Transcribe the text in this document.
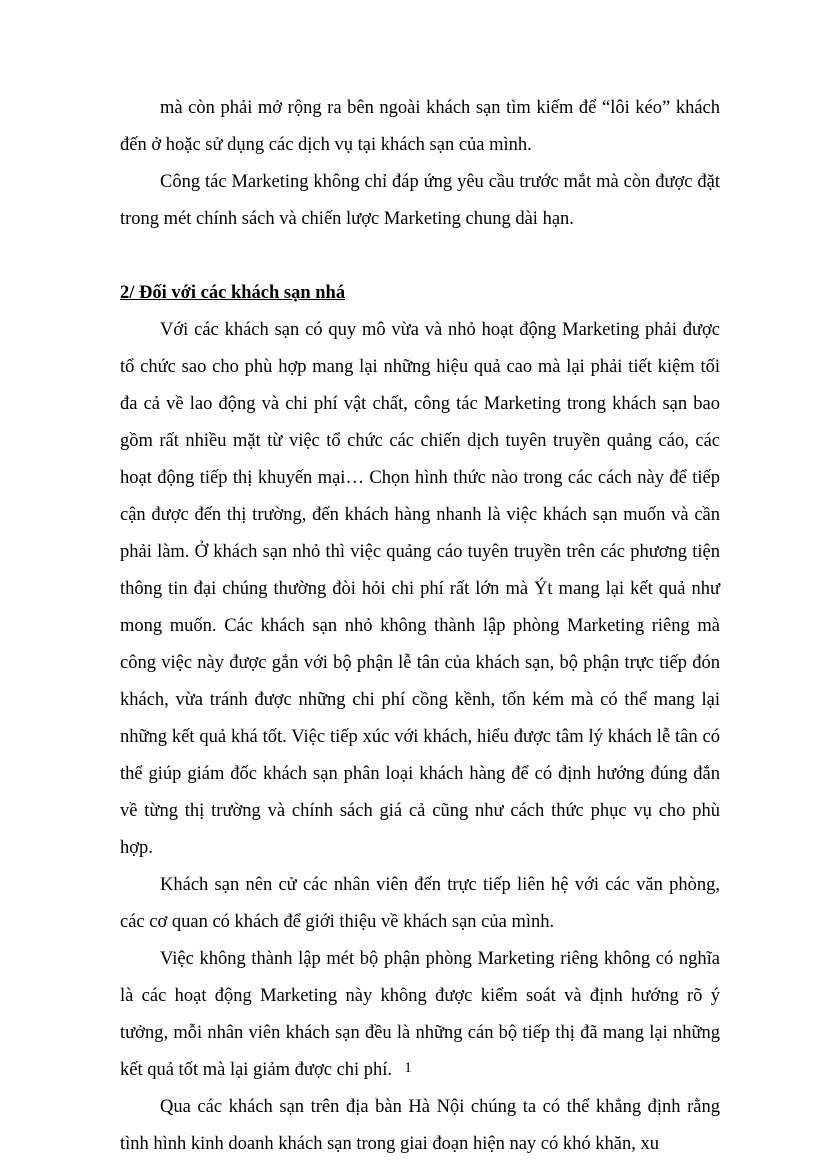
mà còn phải mở rộng ra bên ngoài khách sạn tìm kiếm để “lôi kéo” khách đến ở hoặc sử dụng các dịch vụ tại khách sạn của mình.

Công tác Marketing không chỉ đáp ứng yêu cầu trước mắt mà còn được đặt trong mét chính sách và chiến lược Marketing chung dài hạn.

2/ Đối với các khách sạn nhá

Với các khách sạn có quy mô vừa và nhỏ hoạt động Marketing phải được tổ chức sao cho phù hợp mang lại những hiệu quả cao mà lại phải tiết kiệm tối đa cả về lao động và chi phí vật chất, công tác Marketing trong khách sạn bao gồm rất nhiều mặt từ việc tổ chức các chiến dịch tuyên truyền quảng cáo, các hoạt động tiếp thị khuyến mại… Chọn hình thức nào trong các cách này để tiếp cận được đến thị trường, đến khách hàng nhanh là việc khách sạn muốn và cần phải làm. Ở khách sạn nhỏ thì việc quảng cáo tuyên truyền trên các phương tiện thông tin đại chúng thường đòi hỏi chi phí rất lớn mà Ýt mang lại kết quả như mong muốn. Các khách sạn nhỏ không thành lập phòng Marketing riêng mà công việc này được gắn với bộ phận lễ tân của khách sạn, bộ phận trực tiếp đón khách, vừa tránh được những chi phí cồng kềnh, tốn kém mà có thể mang lại những kết quả khá tốt. Việc tiếp xúc với khách, hiểu được tâm lý khách lễ tân có thể giúp giám đốc khách sạn phân loại khách hàng để có định hướng đúng đắn về từng thị trường và chính sách giá cả cũng như cách thức phục vụ cho phù hợp.

Khách sạn nên cử các nhân viên đến trực tiếp liên hệ với các văn phòng, các cơ quan có khách để giới thiệu về khách sạn của mình.

Việc không thành lập mét bộ phận phòng Marketing riêng không có nghĩa là các hoạt động Marketing này không được kiểm soát và định hướng rõ ý tưởng, mỗi nhân viên khách sạn đều là những cán bộ tiếp thị đã mang lại những kết quả tốt mà lại giảm được chi phí.

Qua các khách sạn trên địa bàn Hà Nội chúng ta có thể khẳng định rằng tình hình kinh doanh khách sạn trong giai đoạn hiện nay có khó khăn, xu

1
